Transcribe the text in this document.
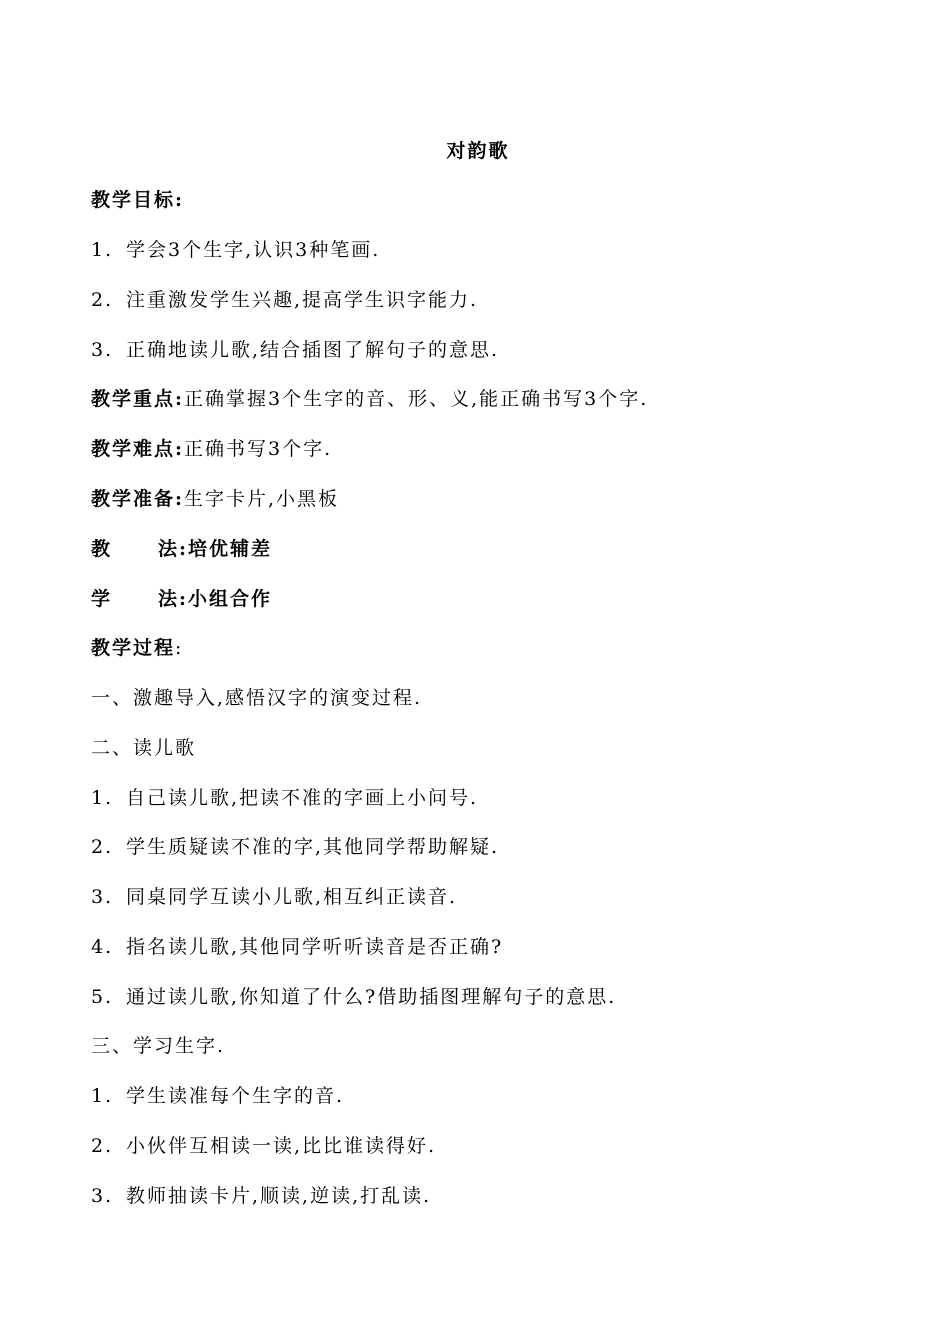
对韵歌
教学目标:
1. 学会3个生字,认识3种笔画.
2. 注重激发学生兴趣,提高学生识字能力.
3. 正确地读儿歌,结合插图了解句子的意思.
教学重点:正确掌握3个生字的音、形、义,能正确书写3个字.
教学难点:正确书写3个字.
教学准备:生字卡片,小黑板
教 法:培优辅差
学 法:小组合作
教学过程:
一、激趣导入,感悟汉字的演变过程.
二、读儿歌
1. 自己读儿歌,把读不准的字画上小问号.
2. 学生质疑读不准的字,其他同学帮助解疑.
3. 同桌同学互读小儿歌,相互纠正读音.
4. 指名读儿歌,其他同学听听读音是否正确?
5. 通过读儿歌,你知道了什么?借助插图理解句子的意思.
三、学习生字.
1. 学生读准每个生字的音.
2. 小伙伴互相读一读,比比谁读得好.
3. 教师抽读卡片,顺读,逆读,打乱读.
